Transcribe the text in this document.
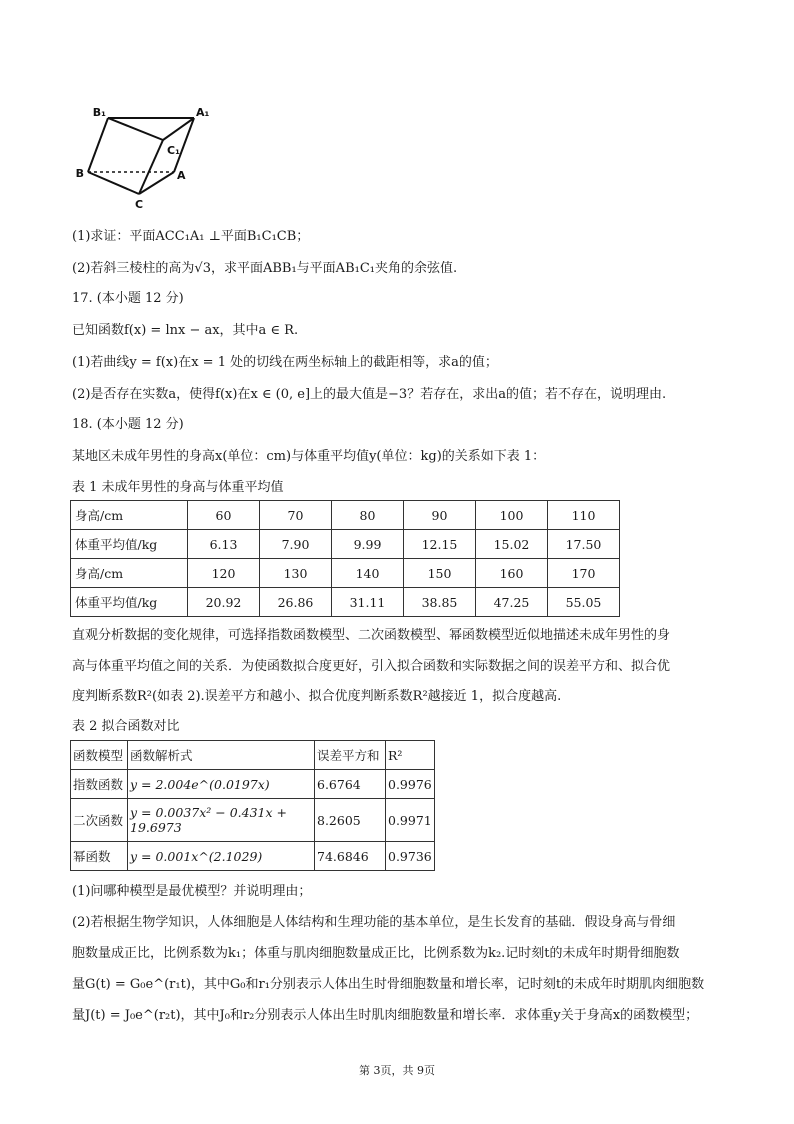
B₁	A₁
C₁
B	A
C
(1)求证：平面ACC₁A₁ ⊥平面B₁C₁CB；
(2)若斜三棱柱的高为√3，求平面ABB₁与平面AB₁C₁夹角的余弦值.
17. (本小题 12 分)
已知函数f(x) = lnx − ax，其中a ∈ R.
(1)若曲线y = f(x)在x = 1 处的切线在两坐标轴上的截距相等，求a的值；
(2)是否存在实数a，使得f(x)在x ∈ (0, e]上的最大值是−3？若存在，求出a的值；若不存在，说明理由.
18. (本小题 12 分)
某地区未成年男性的身高x(单位：cm)与体重平均值y(单位：kg)的关系如下表 1：
表 1 未成年男性的身高与体重平均值
身高/cm	60	70	80	90	100	110
体重平均值/kg	6.13	7.90	9.99	12.15	15.02	17.50
身高/cm	120	130	140	150	160	170
体重平均值/kg	20.92	26.86	31.11	38.85	47.25	55.05
直观分析数据的变化规律，可选择指数函数模型、二次函数模型、幂函数模型近似地描述未成年男性的身
高与体重平均值之间的关系．为使函数拟合度更好，引入拟合函数和实际数据之间的误差平方和、拟合优
度判断系数R²(如表 2).误差平方和越小、拟合优度判断系数R²越接近 1，拟合度越高.
表 2 拟合函数对比
函数模型	函数解析式	误差平方和	R²
指数函数	y = 2.004e^(0.0197x)	6.6764	0.9976
二次函数	y = 0.0037x² − 0.431x + 19.6973	8.2605	0.9971
幂函数	y = 0.001x^(2.1029)	74.6846	0.9736
(1)问哪种模型是最优模型？并说明理由；
(2)若根据生物学知识，人体细胞是人体结构和生理功能的基本单位，是生长发育的基础．假设身高与骨细
胞数量成正比，比例系数为k₁；体重与肌肉细胞数量成正比，比例系数为k₂.记时刻t的未成年时期骨细胞数
量G(t) = G₀e^(r₁t)，其中G₀和r₁分别表示人体出生时骨细胞数量和增长率，记时刻t的未成年时期肌肉细胞数
量J(t) = J₀e^(r₂t)，其中J₀和r₂分别表示人体出生时肌肉细胞数量和增长率．求体重y关于身高x的函数模型；
第 3页，共 9页
